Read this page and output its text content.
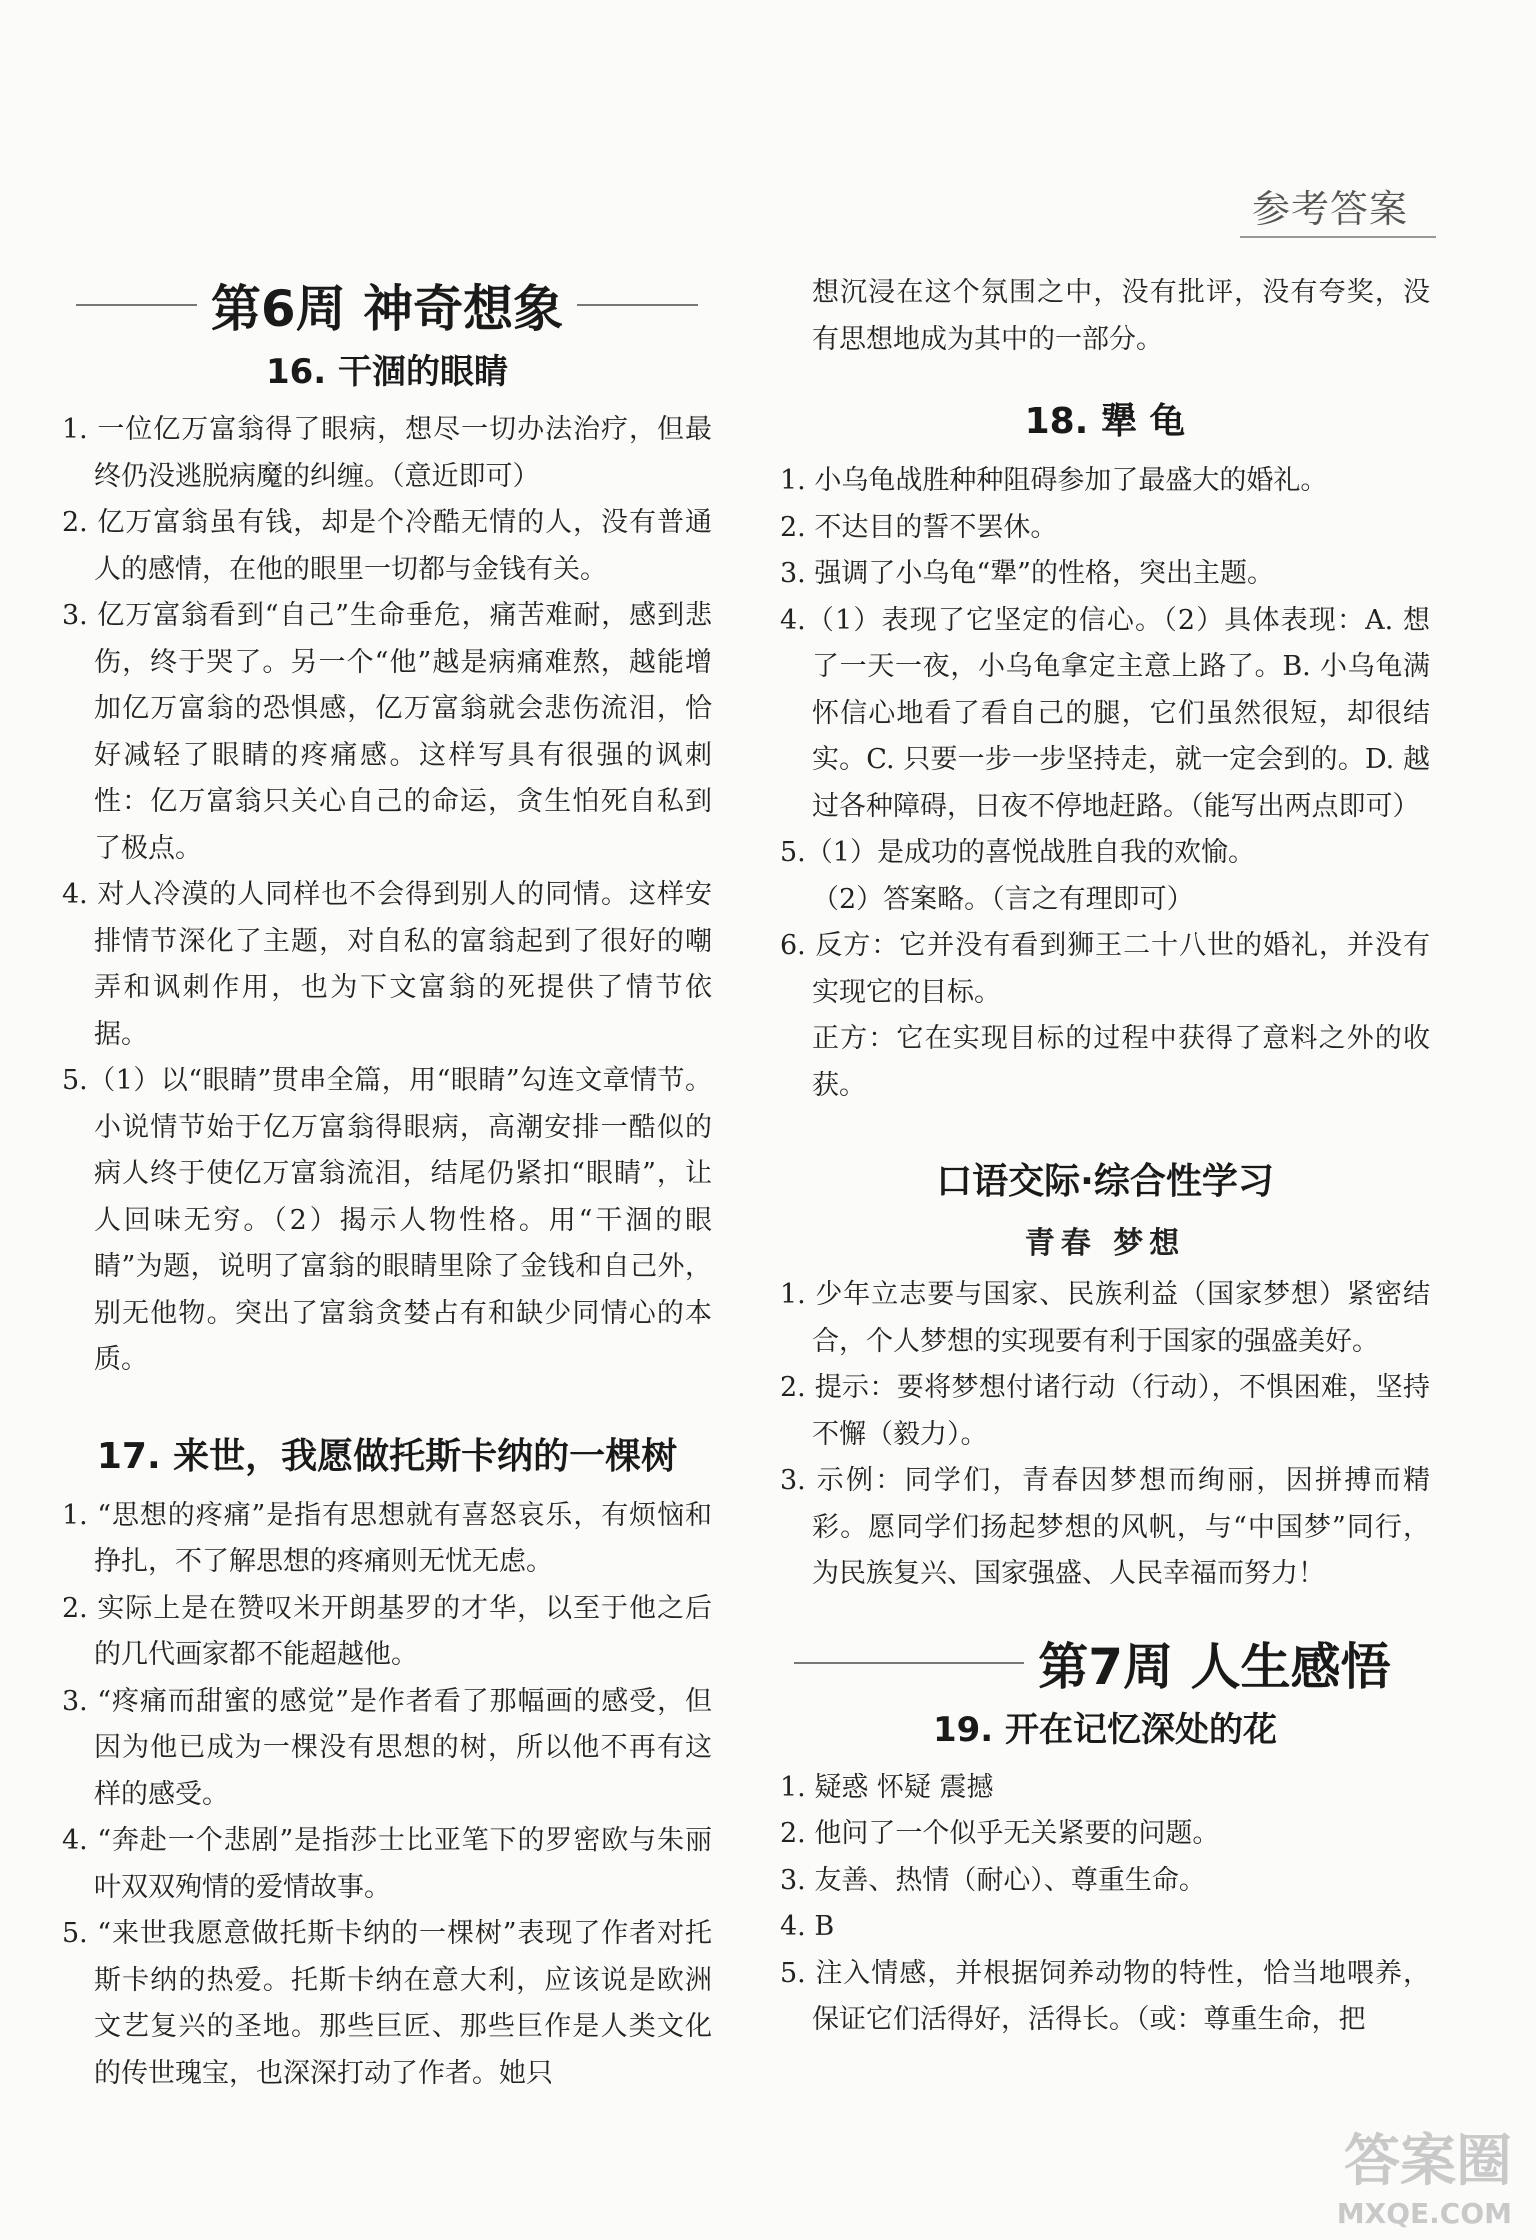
参考答案
第6周 神奇想象
16. 干涸的眼睛

1. 一位亿万富翁得了眼病，想尽一切办法治疗，但最终仍没逃脱病魔的纠缠。（意近即可）

2. 亿万富翁虽有钱，却是个冷酷无情的人，没有普通人的感情，在他的眼里一切都与金钱有关。

3. 亿万富翁看到“自己”生命垂危，痛苦难耐，感到悲伤，终于哭了。另一个“他”越是病痛难熬，越能增加亿万富翁的恐惧感，亿万富翁就会悲伤流泪，恰好减轻了眼睛的疼痛感。这样写具有很强的讽刺性：亿万富翁只关心自己的命运，贪生怕死自私到了极点。

4. 对人冷漠的人同样也不会得到别人的同情。这样安排情节深化了主题，对自私的富翁起到了很好的嘲弄和讽刺作用，也为下文富翁的死提供了情节依据。

5.（1）以“眼睛”贯串全篇，用“眼睛”勾连文章情节。小说情节始于亿万富翁得眼病，高潮安排一酷似的病人终于使亿万富翁流泪，结尾仍紧扣“眼睛”，让人回味无穷。（2）揭示人物性格。用“干涸的眼睛”为题，说明了富翁的眼睛里除了金钱和自己外，别无他物。突出了富翁贪婪占有和缺少同情心的本质。

17. 来世，我愿做托斯卡纳的一棵树

1. “思想的疼痛”是指有思想就有喜怒哀乐，有烦恼和挣扎，不了解思想的疼痛则无忧无虑。

2. 实际上是在赞叹米开朗基罗的才华，以至于他之后的几代画家都不能超越他。

3. “疼痛而甜蜜的感觉”是作者看了那幅画的感受，但因为他已成为一棵没有思想的树，所以他不再有这样的感受。

4. “奔赴一个悲剧”是指莎士比亚笔下的罗密欧与朱丽叶双双殉情的爱情故事。

5. “来世我愿意做托斯卡纳的一棵树”表现了作者对托斯卡纳的热爱。托斯卡纳在意大利，应该说是欧洲文艺复兴的圣地。那些巨匠、那些巨作是人类文化的传世瑰宝，也深深打动了作者。她只

想沉浸在这个氛围之中，没有批评，没有夸奖，没有思想地成为其中的一部分。

18. 犟 龟

1. 小乌龟战胜种种阻碍参加了最盛大的婚礼。

2. 不达目的誓不罢休。

3. 强调了小乌龟“犟”的性格，突出主题。

4.（1）表现了它坚定的信心。（2）具体表现：A. 想了一天一夜，小乌龟拿定主意上路了。B. 小乌龟满怀信心地看了看自己的腿，它们虽然很短，却很结实。C. 只要一步一步坚持走，就一定会到的。D. 越过各种障碍，日夜不停地赶路。（能写出两点即可）

5.（1）是成功的喜悦战胜自我的欢愉。

（2）答案略。（言之有理即可）

6. 反方：它并没有看到狮王二十八世的婚礼，并没有实现它的目标。

正方：它在实现目标的过程中获得了意料之外的收获。

口语交际·综合性学习
青春 梦想

1. 少年立志要与国家、民族利益（国家梦想）紧密结合，个人梦想的实现要有利于国家的强盛美好。

2. 提示：要将梦想付诸行动（行动），不惧困难，坚持不懈（毅力）。

3. 示例：同学们，青春因梦想而绚丽，因拼搏而精彩。愿同学们扬起梦想的风帆，与“中国梦”同行，为民族复兴、国家强盛、人民幸福而努力！

第7周 人生感悟
19. 开在记忆深处的花

1. 疑惑 怀疑 震撼

2. 他问了一个似乎无关紧要的问题。

3. 友善、热情（耐心）、尊重生命。

4. B

5. 注入情感，并根据饲养动物的特性，恰当地喂养，保证它们活得好，活得长。（或：尊重生命，把

答案圈
MXQE.COM
